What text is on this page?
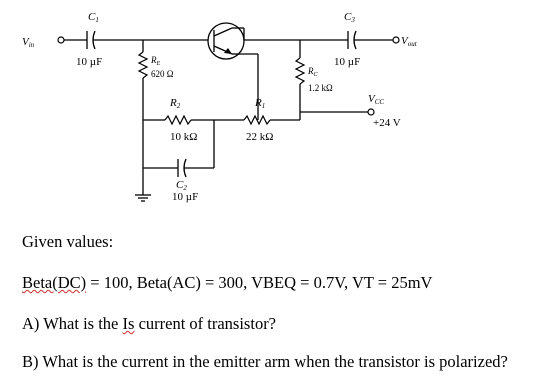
Vin
C1
10 µF	$R_E$
620 Ω
R2
10 kΩ
C2
10 µF
R1
22 kΩ
$R_C$
1.2 kΩ
VCC
+24 V
C3
10 µF
Vout
Given values:
Beta(DC) = 100, Beta(AC) = 300, VBEQ = 0.7V, VT = 25mV
A) What is the Is current of transistor?
B) What is the current in the emitter arm when the transistor is polarized?
